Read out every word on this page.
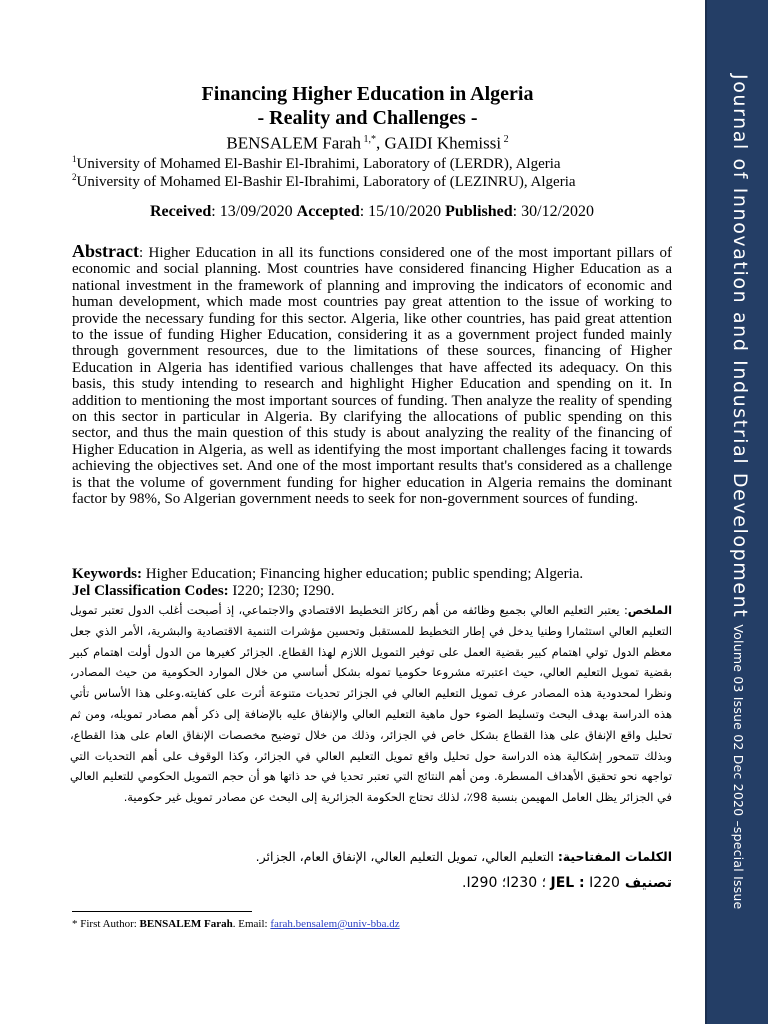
Financing Higher Education in Algeria
- Reality and Challenges -
BENSALEM Farah $^{1,*}$, GAIDI Khemissi $^2$
$^1$University of Mohamed El-Bashir El-Ibrahimi, Laboratory of (LERDR), Algeria
$^2$University of Mohamed El-Bashir El-Ibrahimi, Laboratory of (LEZINRU), Algeria
Received: 13/09/2020 Accepted: 15/10/2020 Published: 30/12/2020
Abstract: Higher Education in all its functions considered one of the most important pillars of economic and social planning. Most countries have considered financing Higher Education as a national investment in the framework of planning and improving the indicators of economic and human development, which made most countries pay great attention to the issue of working to provide the necessary funding for this sector. Algeria, like other countries, has paid great attention to the issue of funding Higher Education, considering it as a government project funded mainly through government resources, due to the limitations of these sources, financing of Higher Education in Algeria has identified various challenges that have affected its adequacy. On this basis, this study intending to research and highlight Higher Education and spending on it. In addition to mentioning the most important sources of funding. Then analyze the reality of spending on this sector in particular in Algeria. By clarifying the allocations of public spending on this sector, and thus the main question of this study is about analyzing the reality of the financing of Higher Education in Algeria, as well as identifying the most important challenges facing it towards achieving the objectives set. And one of the most important results that's considered as a challenge is that the volume of government funding for higher education in Algeria remains the dominant factor by 98%, So Algerian government needs to seek for non-government sources of funding.
Keywords: Higher Education; Financing higher education; public spending; Algeria.
Jel Classification Codes: I220; I230; I290.
الملخص: يعتبر التعليم العالي بجميع وظائفه من أهم ركائز التخطيط الاقتصادي والاجتماعي، إذ أصبحت أغلب الدول تعتبر تمويل التعليم العالي استثمارا وطنيا يدخل في إطار التخطيط للمستقبل وتحسين مؤشرات التنمية الاقتصادية والبشرية، الأمر الذي جعل معظم الدول تولي اهتمام كبير بقضية العمل على توفير التمويل اللازم لهذا القطاع. الجزائر كغيرها من الدول أولت اهتمام كبير بقضية تمويل التعليم العالي، حيث اعتبرته مشروعا حكوميا تموله بشكل أساسي من خلال الموارد الحكومية من حيث المصادر، ونظرا لمحدودية هذه المصادر عرف تمويل التعليم العالي في الجزائر تحديات متنوعة أثرت على كفايته.وعلى هذا الأساس تأتي هذه الدراسة بهدف البحث وتسليط الضوء حول ماهية التعليم العالي والإنفاق عليه بالإضافة إلى ذكر أهم مصادر تمويله، ومن ثم تحليل واقع الإنفاق على هذا القطاع بشكل خاص في الجزائر، وذلك من خلال توضيح مخصصات الإنفاق العام على هذا القطاع، وبذلك تتمحور إشكالية هذه الدراسة حول تحليل واقع تمويل التعليم العالي في الجزائر، وكذا الوقوف على أهم التحديات التي تواجهه نحو تحقيق الأهداف المسطرة. ومن أهم النتائج التي تعتبر تحديا في حد ذاتها هو أن حجم التمويل الحكومي للتعليم العالي في الجزائر يظل العامل المهيمن بنسبة 98٪، لذلك تحتاج الحكومة الجزائرية إلى البحث عن مصادر تمويل غير حكومية.
الكلمات المفتاحية: التعليم العالي، تمويل التعليم العالي، الإنفاق العام، الجزائر.
تصنيف JEL : I220 ؛ I230؛ I290.
* First Author: BENSALEM Farah. Email: farah.bensalem@univ-bba.dz
Journal of Innovation and Industrial DevelopmentVolume 03 Issue 02 Dec 2020 –special Issue
